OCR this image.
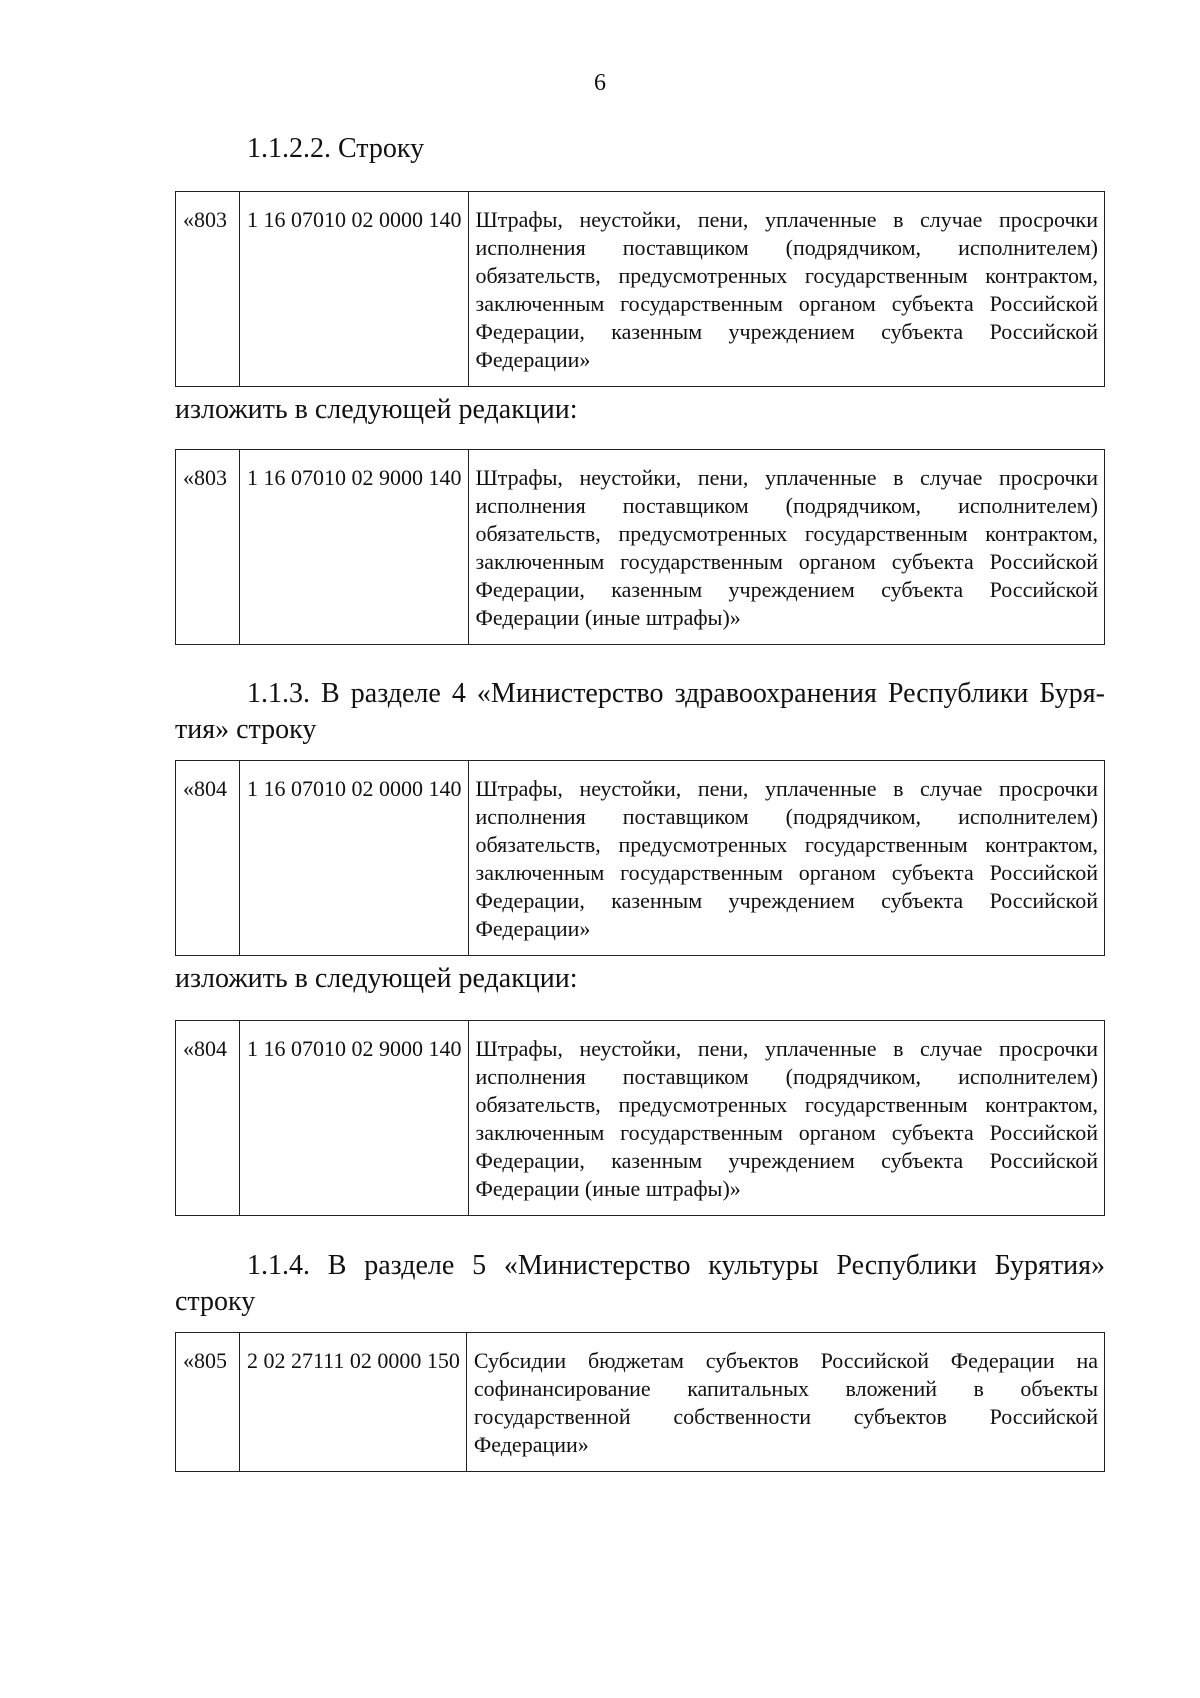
6

1.1.2.2. Строку

«803	1 16 07010 02 0000 140	Штрафы, неустойки, пени, уплаченные в случае просрочки исполнения поставщиком (подрядчиком, исполнителем) обязательств, предусмотренных государственным контрактом, заключенным государственным органом субъекта Российской Федерации, казенным учреждением субъекта Российской Федерации»

изложить в следующей редакции:

«803	1 16 07010 02 9000 140	Штрафы, неустойки, пени, уплаченные в случае просрочки исполнения поставщиком (подрядчиком, исполнителем) обязательств, предусмотренных государственным контрактом, заключенным государственным органом субъекта Российской Федерации, казенным учреждением субъекта Российской Федерации (иные штрафы)»
1.1.3. В разделе 4 «Министерство здравоохранения Республики Буря-
тия» строку
«804	1 16 07010 02 0000 140	Штрафы, неустойки, пени, уплаченные в случае просрочки исполнения поставщиком (подрядчиком, исполнителем) обязательств, предусмотренных государственным контрактом, заключенным государственным органом субъекта Российской Федерации, казенным учреждением субъекта Российской Федерации»

изложить в следующей редакции:

«804	1 16 07010 02 9000 140	Штрафы, неустойки, пени, уплаченные в случае просрочки исполнения поставщиком (подрядчиком, исполнителем) обязательств, предусмотренных государственным контрактом, заключенным государственным органом субъекта Российской Федерации, казенным учреждением субъекта Российской Федерации (иные штрафы)»
1.1.4. В разделе 5 «Министерство культуры Республики Бурятия»
строку
«805	2 02 27111 02 0000 150	Субсидии бюджетам субъектов Российской Федерации на софинансирование капитальных вложений в объекты государственной собственности субъектов Российской Федерации»
